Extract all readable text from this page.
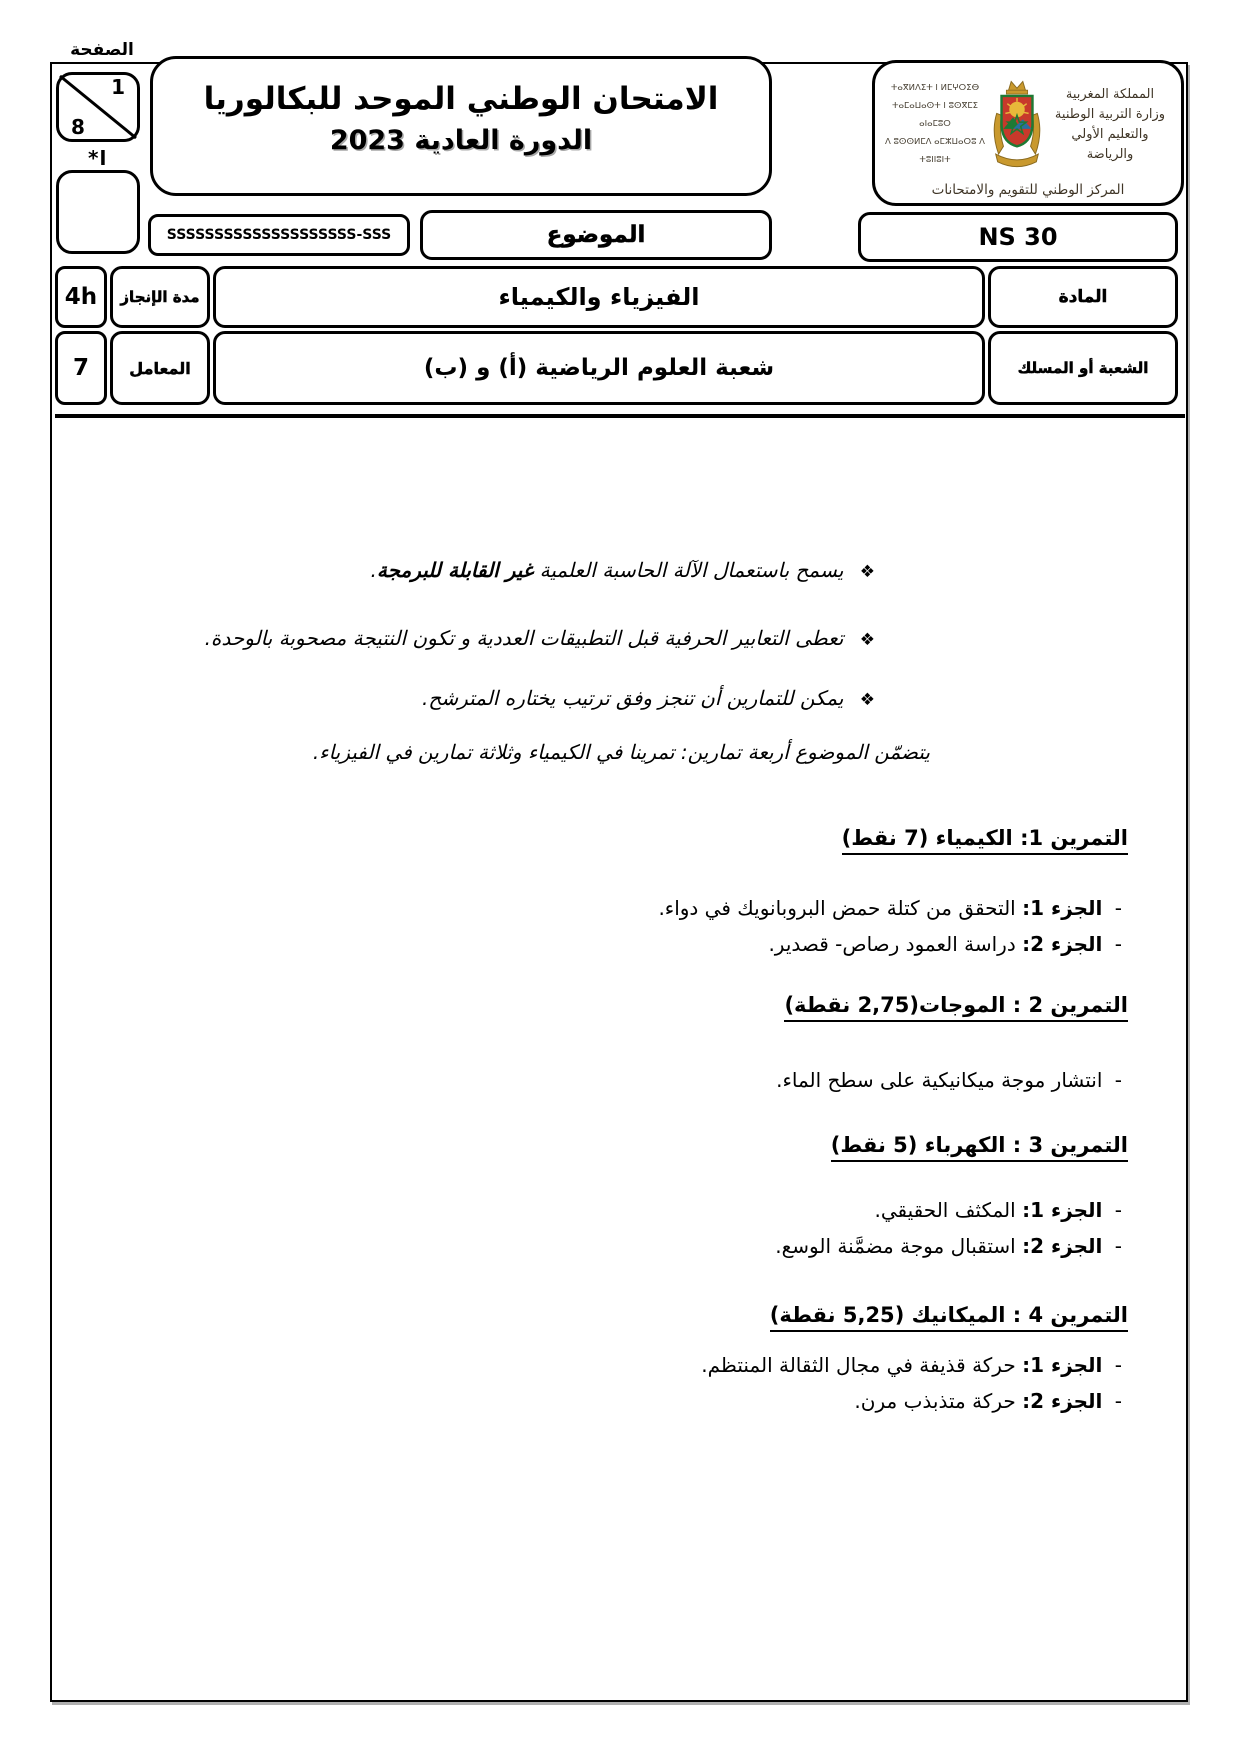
الصفحة
1
8
* ا
الامتحان الوطني الموحد للبكالوريا
الدورة العادية 2023
ⵜⴰⴳⵍⴷⵉⵜ ⵏ ⵍⵎⵖⵔⵉⴱ
ⵜⴰⵎⴰⵡⴰⵙⵜ ⵏ ⵓⵙⴳⵎⵉ ⴰⵏⴰⵎⵓⵔ
ⴷ ⵓⵙⵙⵍⵎⴷ ⴰⵎⵣⵡⴰⵔⵓ ⴷ ⵜⵓⵏⵏⵓⵏⵜ
المملكة المغربية
وزارة التربية الوطنية
والتعليم الأولي والرياضة
المركز الوطني للتقويم والامتحانات
SSSSSSSSSSSSSSSSSSSS-SSS	الموضوع	NS 30
4h مدة الإنجاز	الفيزياء والكيمياء	المادة
7	المعامل	شعبة العلوم الرياضية (أ) و (ب)	الشعبة أو المسلك
❖ يسمح باستعمال الآلة الحاسبة العلمية غير القابلة للبرمجة.
❖ تعطى التعابير الحرفية قبل التطبيقات العددية و تكون النتيجة مصحوبة بالوحدة.
❖ يمكن للتمارين أن تنجز وفق ترتيب يختاره المترشح.
يتضمّن الموضوع أربعة تمارين: تمرينا في الكيمياء وثلاثة تمارين في الفيزياء.
التمرين 1: الكيمياء (7 نقط)
- الجزء 1: التحقق من كتلة حمض البروبانويك في دواء.
- الجزء 2: دراسة العمود رصاص- قصدير.
التمرين 2 : الموجات(2,75 نقطة)
- انتشار موجة ميكانيكية على سطح الماء.
التمرين 3 : الكهرباء (5 نقط)
- الجزء 1: المكثف الحقيقي.
- الجزء 2: استقبال موجة مضمَّنة الوسع.
التمرين 4 : الميكانيك (5,25 نقطة)
- الجزء 1: حركة قذيفة في مجال الثقالة المنتظم.
- الجزء 2: حركة متذبذب مرن.
